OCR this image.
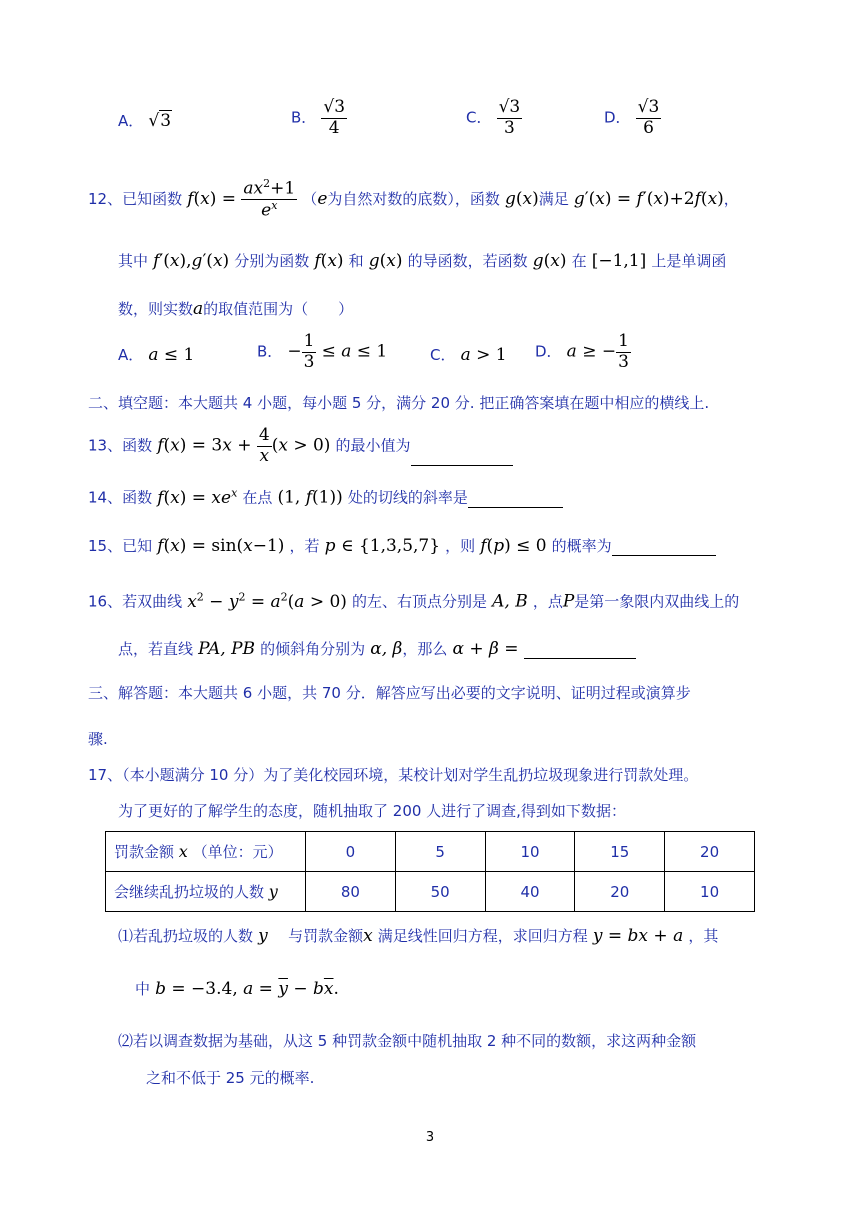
A． √3	B． $\frac{√3}{4}$	C． $\frac{√3}{3}$	D． $\frac{√3}{6}$
12、已知函数 $f(x) = \frac{ax^2+1}{e^x} (e$为自然对数的底数），函数 g(x)满足 g′(x) = f′(x)+2f(x)，
其中 f′(x),g′(x) 分别为函数 f(x) 和 g(x) 的导函数，若函数 g(x) 在 [−1,1] 上是单调函
数，则实数a的取值范围为（　　）
A． a ≤ 1	B． − $\frac{1}{3} \le a \le 1$	C． a > 1 D． a ≥ − $\frac{1}{3}$
二、填空题：本大题共 4 小题，每小题 5 分，满分 20 分. 把正确答案填在题中相应的横线上.
13、函数 $f(x) = 3x + \frac{4}{x} (x > 0)$ 的最小值为
14、函数 $f(x) = xe^x$ 在点 (1, f(1)) 处的切线的斜率是
15、已知 f(x) = sin(x−1) ，若 p ∈ {1,3,5,7} ，则 f(p) ≤ 0 的概率为
16、若双曲线 $x^2 - y^2 = a^2(a > 0)$ 的左、右顶点分别是 A, B ，点P是第一象限内双曲线上的
点，若直线 PA, PB 的倾斜角分别为 α, β，那么 α + β =
三、解答题：本大题共 6 小题，共 70 分．解答应写出必要的文字说明、证明过程或演算步
骤.
17、（本小题满分 10 分）为了美化校园环境，某校计划对学生乱扔垃圾现象进行罚款处理。
为了更好的了解学生的态度，随机抽取了 200 人进行了调查,得到如下数据：
罚款金额 x （单位：元）	0	5	10	15	20
会继续乱扔垃圾的人数 y	80	50	40	20	10
⑴若乱扔垃圾的人数 y 与罚款金额x 满足线性回归方程，求回归方程 y = bx + a ，其
中 b = −3.4, $a = \overline{y} - b\overline{x}$.
⑵若以调查数据为基础，从这 5 种罚款金额中随机抽取 2 种不同的数额，求这两种金额
之和不低于 25 元的概率.
3
